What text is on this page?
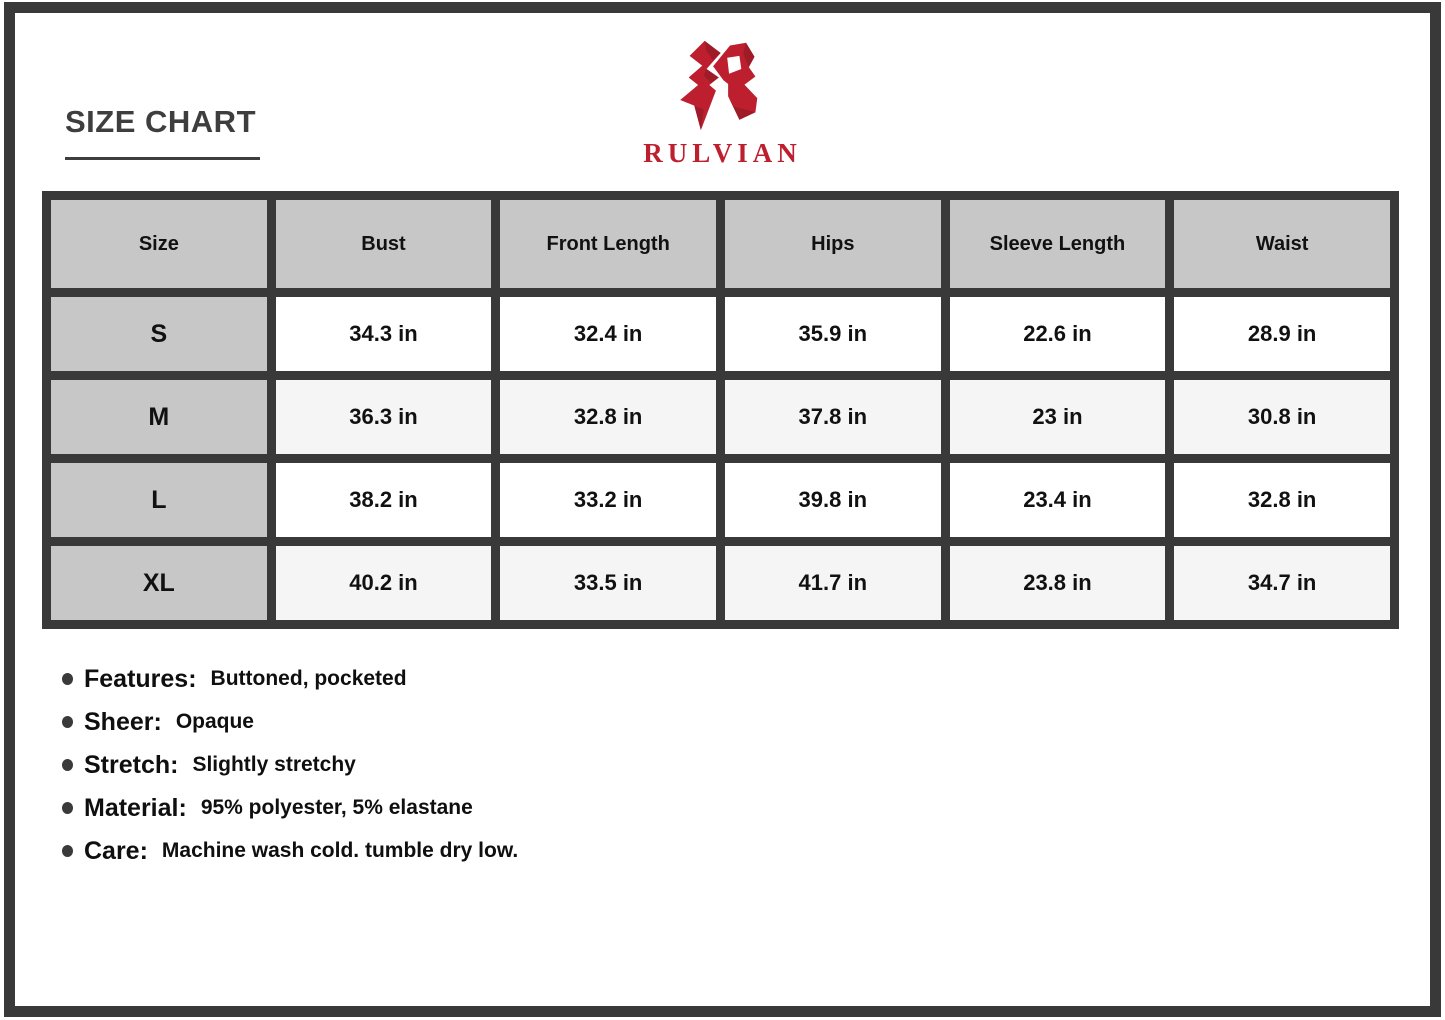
SIZE CHART
RULVIAN
Size	Bust	Front Length	Hips	Sleeve Length	Waist
S	34.3 in	32.4 in	35.9 in	22.6 in	28.9 in
M	36.3 in	32.8 in	37.8 in	23 in	30.8 in
L	38.2 in	33.2 in	39.8 in	23.4 in	32.8 in
XL	40.2 in	33.5 in	41.7 in	23.8 in	34.7 in
Features: Buttoned, pocketed
Sheer: Opaque
Stretch: Slightly stretchy
Material: 95% polyester, 5% elastane
Care: Machine wash cold. tumble dry low.
